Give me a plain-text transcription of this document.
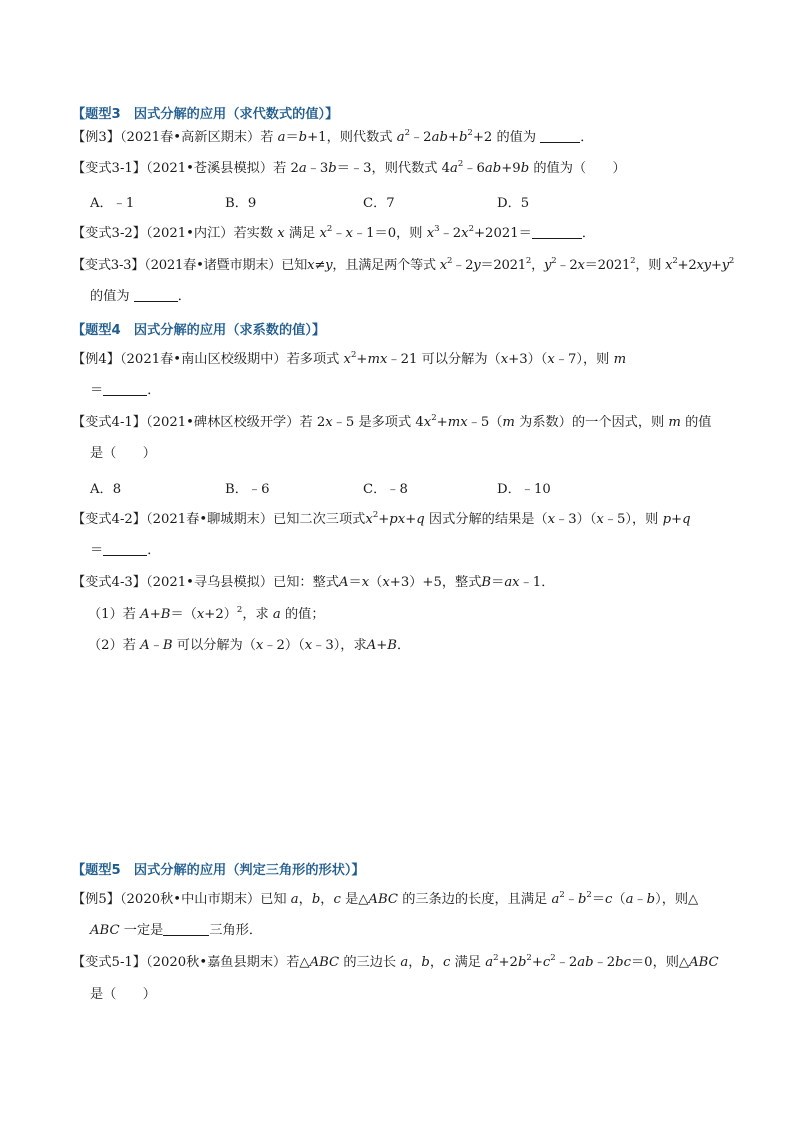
【题型3　因式分解的应用（求代数式的值）】
【例3】（2021春•高新区期末）若 a＝b+1，则代数式 $a^2﹣2ab+b^2+2$ 的值为	．
【变式3-1】（2021•苍溪县模拟）若 2a﹣3b＝﹣3，则代数式 $4a^2﹣6ab+9b$ 的值为（　　）
A．﹣1	B．9	C．7	D．5
【变式3-2】（2021•内江）若实数 x 满足 $x^2﹣x﹣1=0$，则 $x^3﹣2x^2+2021=$	．
【变式3-3】（2021春•诸暨市期末）已知x≠y，且满足两个等式 $x^2﹣2y=2021^2$，$y^2﹣2x=2021^2$，则 $x^2+2xy+y^2$
的值为	．
【题型4　因式分解的应用（求系数的值）】
【例4】（2021春•南山区校级期中）若多项式 $x^2+mx﹣21$ 可以分解为（x+3）（x﹣7），则 m
＝	．
【变式4-1】（2021•碑林区校级开学）若 2x﹣5 是多项式 $4x^2+mx﹣5(m$ 为系数）的一个因式，则 m 的值
是（　　）
A．8	B．﹣6	C．﹣8	D．﹣10
【变式4-2】（2021春•聊城期末）已知二次三项式$x^2+px+q$ 因式分解的结果是（x﹣3）（x﹣5），则 p+q
＝	．
【变式4-3】（2021•寻乌县模拟）已知：整式A＝x（x+3）+5，整式B＝ax﹣1．
（1）若 $A+B=(x+2)^2$，求 a 的值；
（2）若 A﹣B 可以分解为（x﹣2）（x﹣3），求A+B．
【题型5　因式分解的应用（判定三角形的形状）】
【例5】（2020秋•中山市期末）已知 a，b，c 是△ABC 的三条边的长度，且满足 $a^2﹣b^2=c(a﹣b)$，则△
ABC 一定是	三角形．
【变式5-1】（2020秋•嘉鱼县期末）若△ABC 的三边长 a，b，c 满足 $a^2+2b^2+c^2﹣2ab﹣2bc=0$，则△ABC
是（　　）
